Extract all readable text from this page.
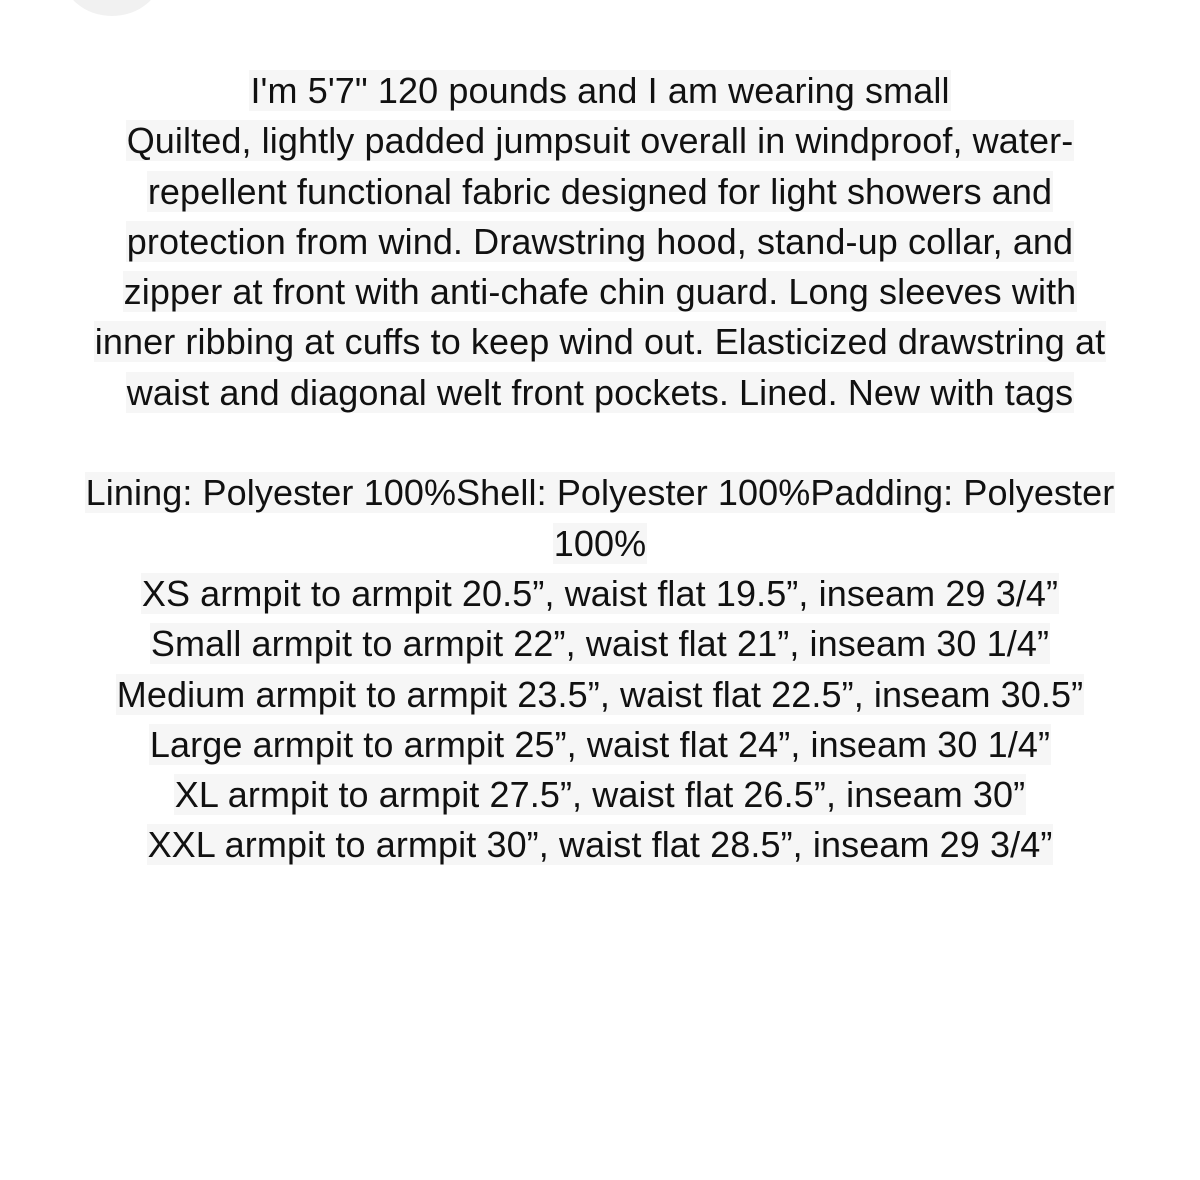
I'm 5'7" 120 pounds and I am wearing small
Quilted, lightly padded jumpsuit overall in windproof, water-
repellent functional fabric designed for light showers and
protection from wind. Drawstring hood, stand-up collar, and
zipper at front with anti-chafe chin guard. Long sleeves with
inner ribbing at cuffs to keep wind out. Elasticized drawstring at
waist and diagonal welt front pockets. Lined. New with tags
Lining: Polyester 100%Shell: Polyester 100%Padding: Polyester
100%
XS armpit to armpit 20.5”, waist flat 19.5”, inseam 29 3/4”
Small armpit to armpit 22”, waist flat 21”, inseam 30 1/4”
Medium armpit to armpit 23.5”, waist flat 22.5”, inseam 30.5”
Large armpit to armpit 25”, waist flat 24”, inseam 30 1/4”
XL armpit to armpit 27.5”, waist flat 26.5”, inseam 30”
XXL armpit to armpit 30”, waist flat 28.5”, inseam 29 3/4”
